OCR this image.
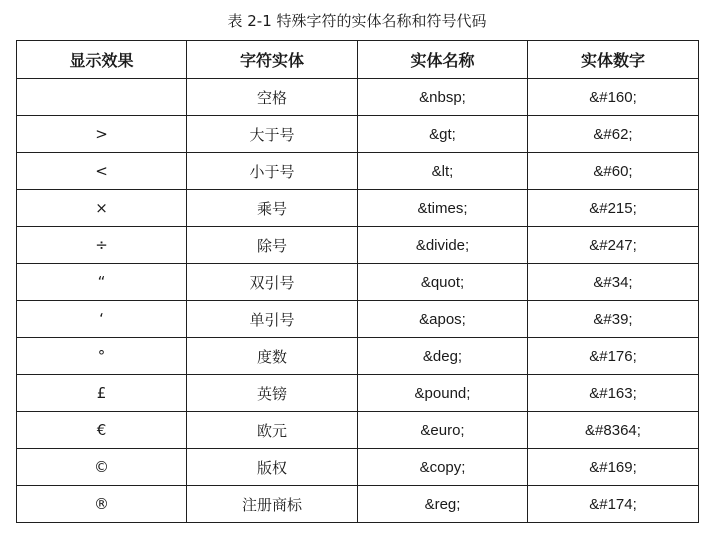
表 2-1 特殊字符的实体名称和符号代码
显示效果	字符实体	实体名称	实体数字
	空格	&nbsp;	&#160;
>	大于号	&gt;	&#62;
<	小于号	&lt;	&#60;
×	乘号	&times;	&#215;
÷	除号	&divide;	&#247;
“	双引号	&quot;	&#34;
‘	单引号	&apos;	&#39;
°	度数	&deg;	&#176;
£	英镑	&pound;	&#163;
€	欧元	&euro;	&#8364;
©	版权	&copy;	&#169;
®	注册商标	&reg;	&#174;
